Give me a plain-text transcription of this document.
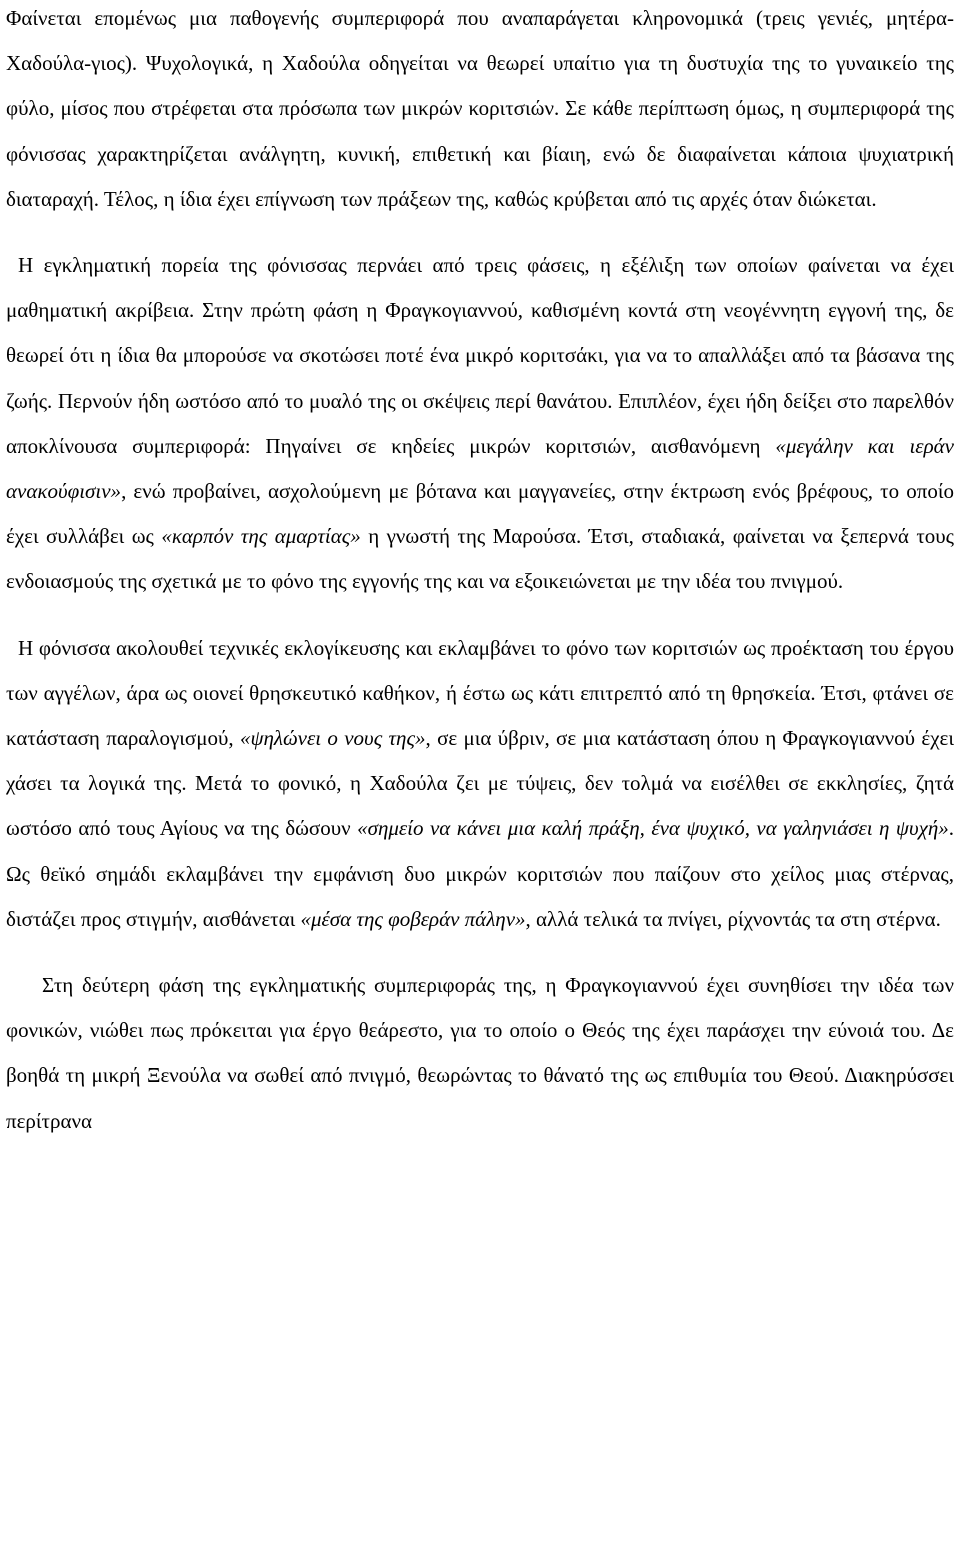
Φαίνεται επομένως μια παθογενής συμπεριφορά που αναπαράγεται κληρονομικά (τρεις γενιές, μητέρα-Χαδούλα-γιος). Ψυχολογικά, η Χαδούλα οδηγείται να θεωρεί υπαίτιο για τη δυστυχία της το γυναικείο της φύλο, μίσος που στρέφεται στα πρόσωπα των μικρών κοριτσιών. Σε κάθε περίπτωση όμως, η συμπεριφορά της φόνισσας χαρακτηρίζεται ανάλγητη, κυνική, επιθετική και βίαιη, ενώ δε διαφαίνεται κάποια ψυχιατρική διαταραχή. Τέλος, η ίδια έχει επίγνωση των πράξεων της, καθώς κρύβεται από τις αρχές όταν διώκεται.

Η εγκληματική πορεία της φόνισσας περνάει από τρεις φάσεις, η εξέλιξη των οποίων φαίνεται να έχει μαθηματική ακρίβεια. Στην πρώτη φάση η Φραγκογιαννού, καθισμένη κοντά στη νεογέννητη εγγονή της, δε θεωρεί ότι η ίδια θα μπορούσε να σκοτώσει ποτέ ένα μικρό κοριτσάκι, για να το απαλλάξει από τα βάσανα της ζωής. Περνούν ήδη ωστόσο από το μυαλό της οι σκέψεις περί θανάτου. Επιπλέον, έχει ήδη δείξει στο παρελθόν αποκλίνουσα συμπεριφορά: Πηγαίνει σε κηδείες μικρών κοριτσιών, αισθανόμενη «μεγάλην και ιεράν ανακούφισιν», ενώ προβαίνει, ασχολούμενη με βότανα και μαγγανείες, στην έκτρωση ενός βρέφους, το οποίο έχει συλλάβει ως «καρπόν της αμαρτίας» η γνωστή της Μαρούσα. Έτσι, σταδιακά, φαίνεται να ξεπερνά τους ενδοιασμούς της σχετικά με το φόνο της εγγονής της και να εξοικειώνεται με την ιδέα του πνιγμού.

Η φόνισσα ακολουθεί τεχνικές εκλογίκευσης και εκλαμβάνει το φόνο των κοριτσιών ως προέκταση του έργου των αγγέλων, άρα ως οιονεί θρησκευτικό καθήκον, ή έστω ως κάτι επιτρεπτό από τη θρησκεία. Έτσι, φτάνει σε κατάσταση παραλογισμού, «ψηλώνει ο νους της», σε μια ύβριν, σε μια κατάσταση όπου η Φραγκογιαννού έχει χάσει τα λογικά της. Μετά το φονικό, η Χαδούλα ζει με τύψεις, δεν τολμά να εισέλθει σε εκκλησίες, ζητά ωστόσο από τους Αγίους να της δώσουν «σημείο να κάνει μια καλή πράξη, ένα ψυχικό, να γαληνιάσει η ψυχή». Ως θεϊκό σημάδι εκλαμβάνει την εμφάνιση δυο μικρών κοριτσιών που παίζουν στο χείλος μιας στέρνας, διστάζει προς στιγμήν, αισθάνεται «μέσα της φοβεράν πάλην», αλλά τελικά τα πνίγει, ρίχνοντάς τα στη στέρνα.

Στη δεύτερη φάση της εγκληματικής συμπεριφοράς της, η Φραγκογιαννού έχει συνηθίσει την ιδέα των φονικών, νιώθει πως πρόκειται για έργο θεάρεστο, για το οποίο ο Θεός της έχει παράσχει την εύνοιά του. Δε βοηθά τη μικρή Ξενούλα να σωθεί από πνιγμό, θεωρώντας το θάνατό της ως επιθυμία του Θεού. Διακηρύσσει περίτρανα
